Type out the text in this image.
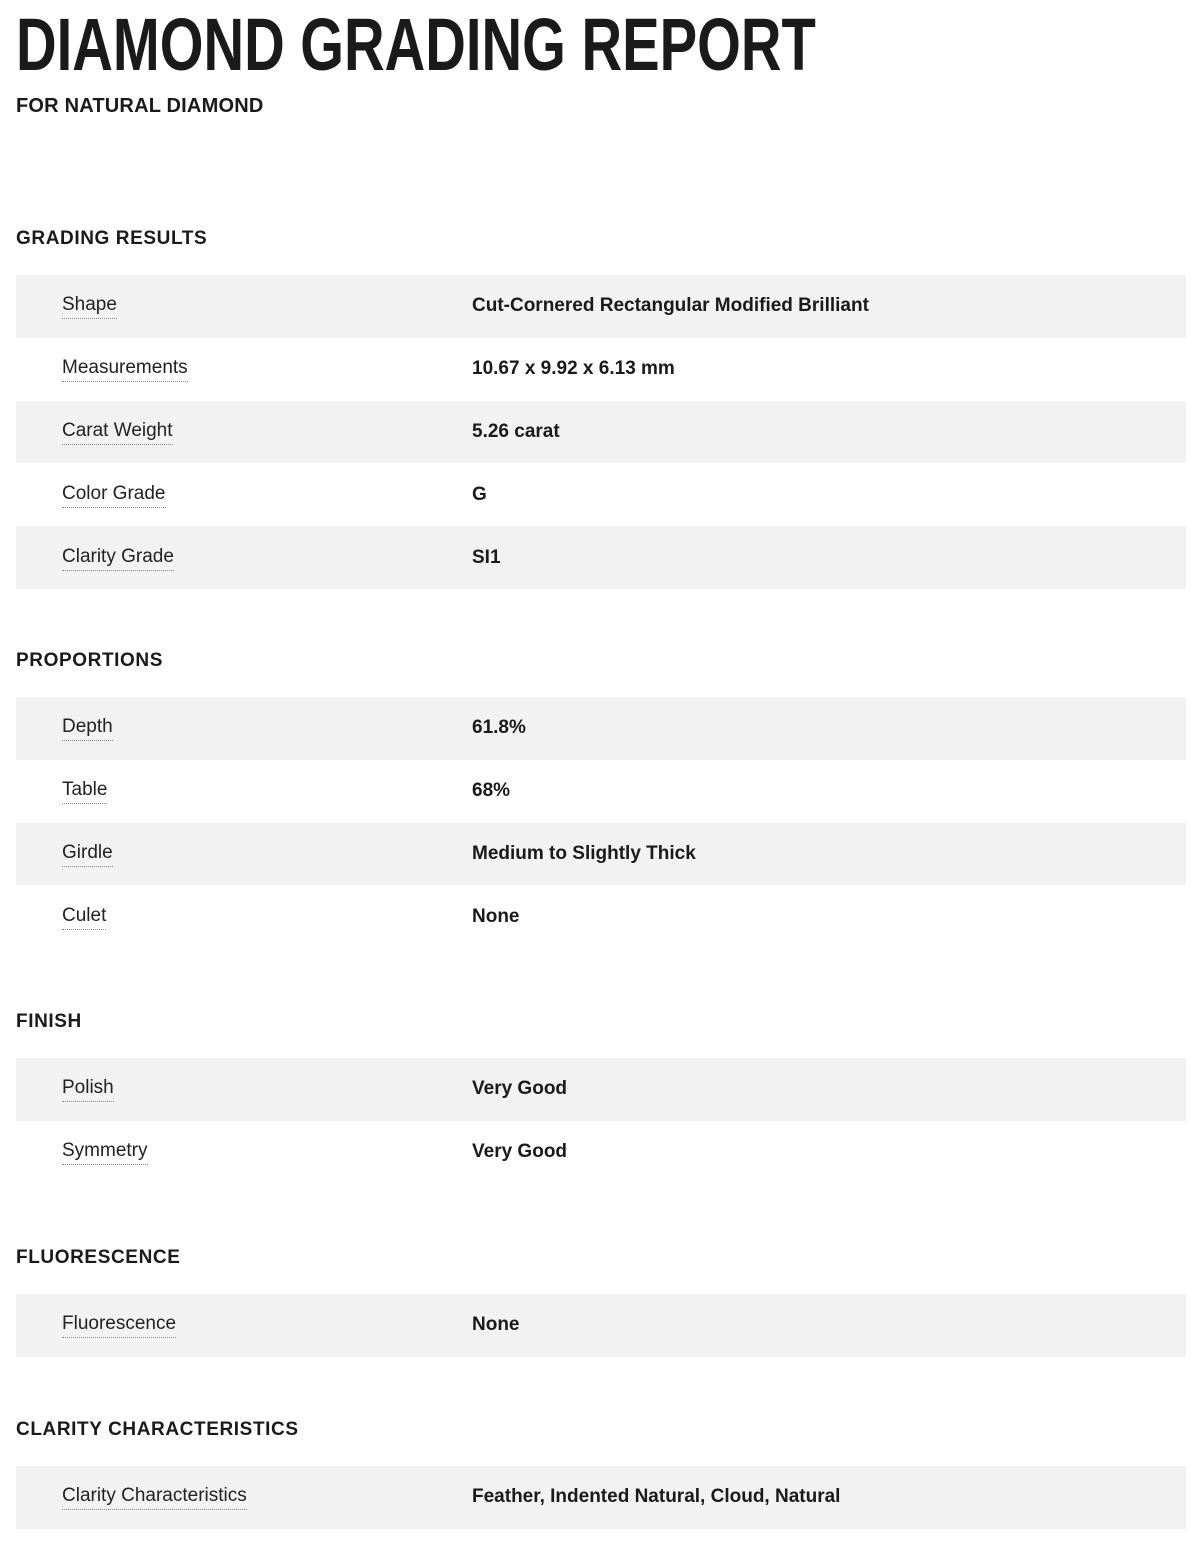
DIAMOND GRADING REPORT
FOR NATURAL DIAMOND
GRADING RESULTS
Shape	Cut-Cornered Rectangular Modified Brilliant
Measurements	10.67 x 9.92 x 6.13 mm
Carat Weight	5.26 carat
Color Grade	G
Clarity Grade	SI1
PROPORTIONS
Depth	61.8%
Table	68%
Girdle	Medium to Slightly Thick
Culet	None
FINISH
Polish	Very Good
Symmetry	Very Good
FLUORESCENCE
Fluorescence	None
CLARITY CHARACTERISTICS
Clarity Characteristics	Feather, Indented Natural, Cloud, Natural
